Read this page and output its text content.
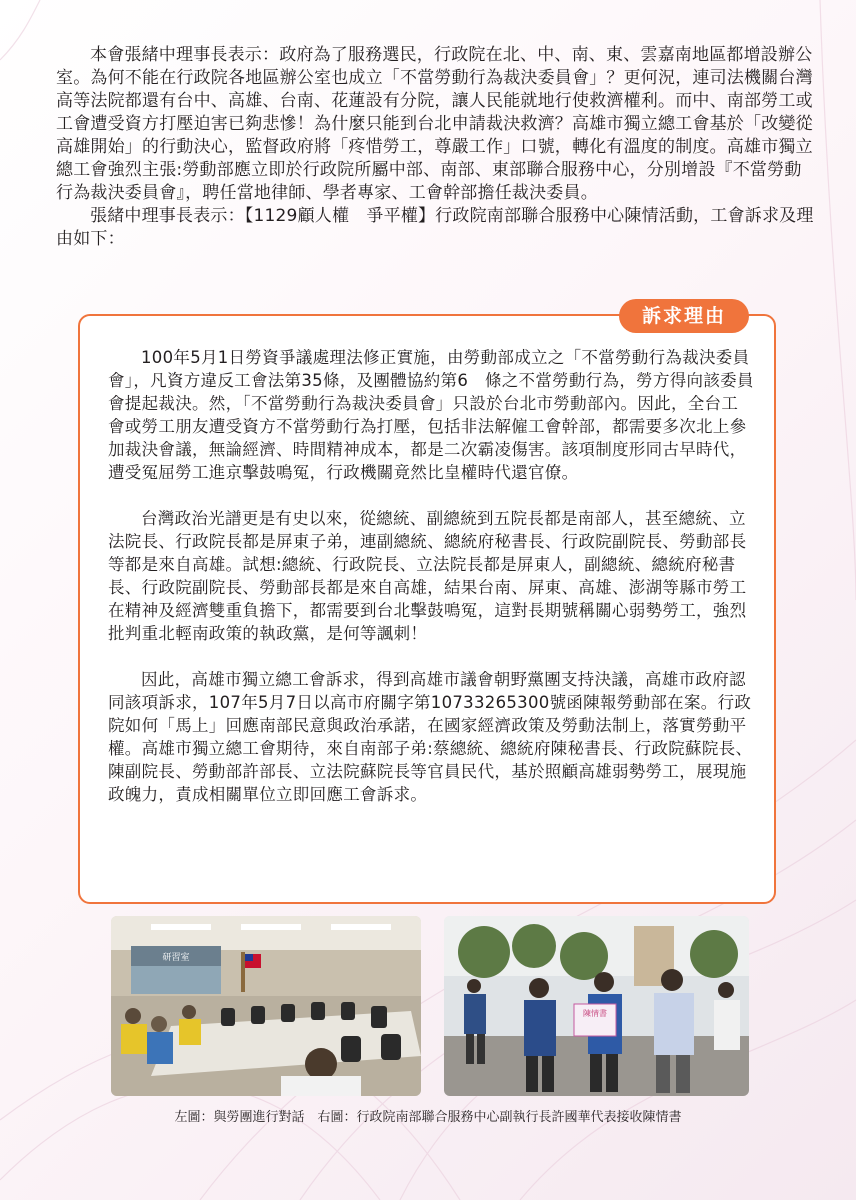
本會張緒中理事長表示：政府為了服務選民，行政院在北、中、南、東、雲嘉南地區都增設辦公室。為何不能在行政院各地區辦公室也成立「不當勞動行為裁決委員會」？更何況，連司法機關台灣高等法院都還有台中、高雄、台南、花蓮設有分院，讓人民能就地行使救濟權利。而中、南部勞工或工會遭受資方打壓迫害已夠悲慘！為什麼只能到台北申請裁決救濟？高雄市獨立總工會基於「改變從高雄開始」的行動決心，監督政府將「疼惜勞工，尊嚴工作」口號，轉化有溫度的制度。高雄市獨立總工會強烈主張:勞動部應立即於行政院所屬中部、南部、東部聯合服務中心，分別增設『不當勞動行為裁決委員會』，聘任當地律師、學者專家、工會幹部擔任裁決委員。

張緒中理事長表示：【1129顧人權　爭平權】行政院南部聯合服務中心陳情活動，工會訴求及理由如下：

訴求理由

100年5月1日勞資爭議處理法修正實施，由勞動部成立之「不當勞動行為裁決委員會」，凡資方違反工會法第35條，及團體協約第6　條之不當勞動行為，勞方得向該委員會提起裁決。然，「不當勞動行為裁決委員會」只設於台北市勞動部內。因此，全台工會或勞工朋友遭受資方不當勞動行為打壓，包括非法解僱工會幹部，都需要多次北上參加裁決會議，無論經濟、時間精神成本，都是二次霸凌傷害。該項制度形同古早時代，遭受冤屈勞工進京擊鼓鳴冤，行政機關竟然比皇權時代還官僚。

台灣政治光譜更是有史以來，從總統、副總統到五院長都是南部人，甚至總統、立法院長、行政院長都是屏東子弟，連副總統、總統府秘書長、行政院副院長、勞動部長等都是來自高雄。試想:總統、行政院長、立法院長都是屏東人，副總統、總統府秘書長、行政院副院長、勞動部長都是來自高雄，結果台南、屏東、高雄、澎湖等縣市勞工在精神及經濟雙重負擔下，都需要到台北擊鼓鳴冤，這對長期號稱關心弱勢勞工，強烈批判重北輕南政策的執政黨，是何等諷刺！

因此，高雄市獨立總工會訴求，得到高雄市議會朝野黨團支持決議，高雄市政府認同該項訴求，107年5月7日以高市府關字第10733265300號函陳報勞動部在案。行政院如何「馬上」回應南部民意與政治承諾，在國家經濟政策及勞動法制上，落實勞動平權。高雄市獨立總工會期待，來自南部子弟:蔡總統、總統府陳秘書長、行政院蘇院長、陳副院長、勞動部許部長、立法院蘇院長等官員民代，基於照顧高雄弱勢勞工，展現施政魄力，責成相關單位立即回應工會訴求。

研習室
陳情書
左圖：與勞團進行對話　右圖：行政院南部聯合服務中心副執行長許國華代表接收陳情書
